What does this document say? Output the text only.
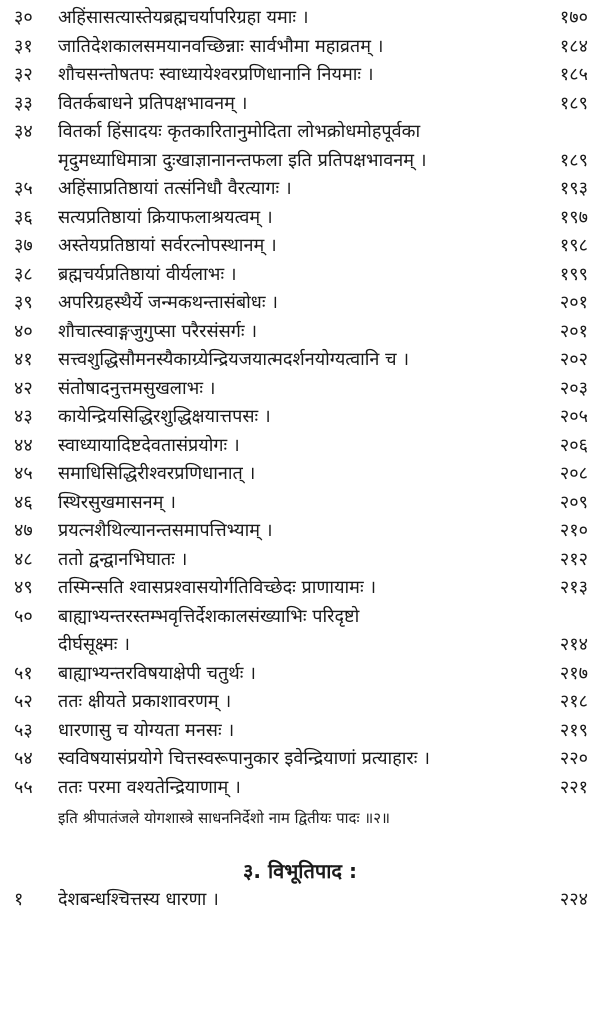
३०	अहिंसासत्यास्तेयब्रह्मचर्यापरिग्रहा यमाः ।	१७०
३१	जातिदेशकालसमयानवच्छिन्नाः सार्वभौमा महाव्रतम् ।	१८४
३२	शौचसन्तोषतपः स्वाध्यायेश्वरप्रणिधानानि नियमाः ।	१८५
३३	वितर्कबाधने प्रतिपक्षभावनम् ।	१८९
३४	वितर्का हिंसादयः कृतकारितानुमोदिता लोभक्रोधमोहपूर्वका
मृदुमध्याधिमात्रा दुःखाज्ञानानन्तफला इति प्रतिपक्षभावनम् ।	१८९
३५	अहिंसाप्रतिष्ठायां तत्संनिधौ वैरत्यागः ।	१९३
३६	सत्यप्रतिष्ठायां क्रियाफलाश्रयत्वम् ।	१९७
३७	अस्तेयप्रतिष्ठायां सर्वरत्नोपस्थानम् ।	१९८
३८	ब्रह्मचर्यप्रतिष्ठायां वीर्यलाभः ।	१९९
३९	अपरिग्रहस्थैर्ये जन्मकथन्तासंबोधः ।	२०१
४०	शौचात्स्वाङ्गजुगुप्सा परैरसंसर्गः ।	२०१
४१	सत्त्वशुद्धिसौमनस्यैकाग्र्येन्द्रियजयात्मदर्शनयोग्यत्वानि च ।	२०२
४२	संतोषादनुत्तमसुखलाभः ।	२०३
४३	कायेन्द्रियसिद्धिरशुद्धिक्षयात्तपसः ।	२०५
४४	स्वाध्यायादिष्टदेवतासंप्रयोगः ।	२०६
४५	समाधिसिद्धिरीश्वरप्रणिधानात् ।	२०८
४६	स्थिरसुखमासनम् ।	२०९
४७	प्रयत्नशैथिल्यानन्तसमापत्तिभ्याम् ।	२१०
४८	ततो द्वन्द्वानभिघातः ।	२१२
४९	तस्मिन्सति श्वासप्रश्वासयोर्गतिविच्छेदः प्राणायामः ।	२१३
५०	बाह्याभ्यन्तरस्तम्भवृत्तिर्देशकालसंख्याभिः परिदृष्टो
दीर्घसूक्ष्मः ।	२१४
५१	बाह्याभ्यन्तरविषयाक्षेपी चतुर्थः ।	२१७
५२	ततः क्षीयते प्रकाशावरणम् ।	२१८
५३	धारणासु च योग्यता मनसः ।	२१९
५४	स्वविषयासंप्रयोगे चित्तस्वरूपानुकार इवेन्द्रियाणां प्रत्याहारः ।	२२०
५५	ततः परमा वश्यतेन्द्रियाणाम् ।	२२१
इति श्रीपातंजले योगशास्त्रे साधननिर्देशो नाम द्वितीयः पादः ॥२॥
३. विभूतिपाद :
१	देशबन्धश्चित्तस्य धारणा ।	२२४
